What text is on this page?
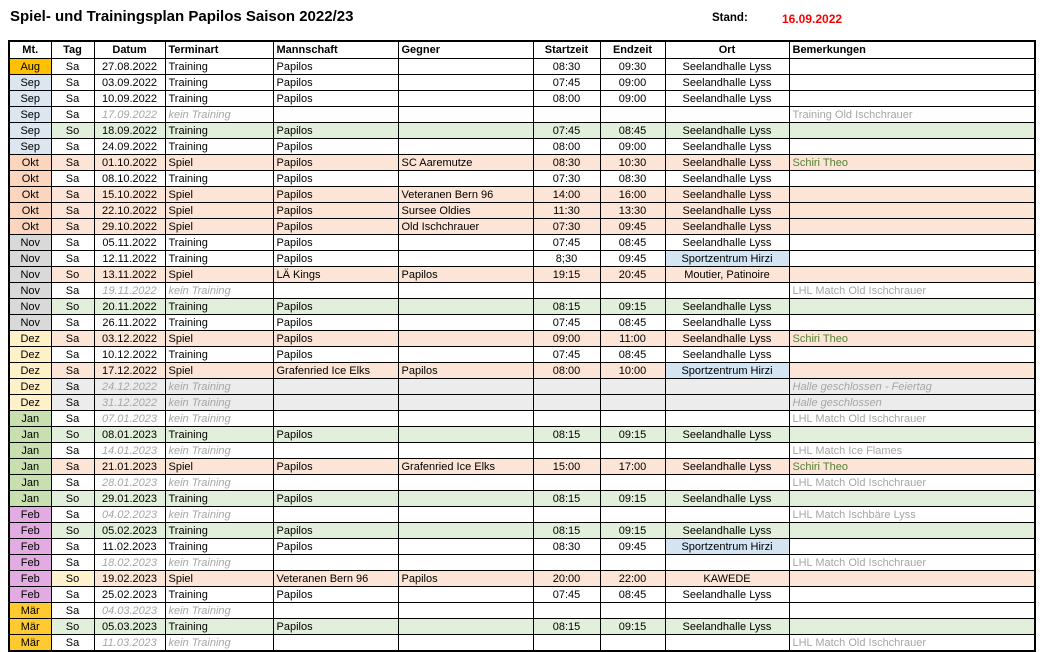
Spiel- und Trainingsplan Papilos Saison 2022/23	Stand:	16.09.2022
Mt.	Tag	Datum	Terminart	Mannschaft	Gegner	Startzeit	Endzeit	Ort	Bemerkungen
Aug	Sa	27.08.2022	Training	Papilos		08:30	09:30	Seelandhalle Lyss	
Sep	Sa	03.09.2022	Training	Papilos		07:45	09:00	Seelandhalle Lyss	
Sep	Sa	10.09.2022	Training	Papilos		08:00	09:00	Seelandhalle Lyss	
Sep	Sa	17.09.2022	kein Training						Training Old Ischchrauer
Sep	So	18.09.2022	Training	Papilos		07:45	08:45	Seelandhalle Lyss	
Sep	Sa	24.09.2022	Training	Papilos		08:00	09:00	Seelandhalle Lyss	
Okt	Sa	01.10.2022	Spiel	Papilos	SC Aaremutze	08:30	10:30	Seelandhalle Lyss	Schiri Theo
Okt	Sa	08.10.2022	Training	Papilos		07:30	08:30	Seelandhalle Lyss	
Okt	Sa	15.10.2022	Spiel	Papilos	Veteranen Bern 96	14:00	16:00	Seelandhalle Lyss	
Okt	Sa	22.10.2022	Spiel	Papilos	Sursee Oldies	11:30	13:30	Seelandhalle Lyss	
Okt	Sa	29.10.2022	Spiel	Papilos	Old Ischchrauer	07:30	09:45	Seelandhalle Lyss	
Nov	Sa	05.11.2022	Training	Papilos		07:45	08:45	Seelandhalle Lyss	
Nov	Sa	12.11.2022	Training	Papilos		8;30	09:45	Sportzentrum Hirzi	
Nov	So	13.11.2022	Spiel	LÄ Kings	Papilos	19:15	20:45	Moutier, Patinoire	
Nov	Sa	19.11.2022	kein Training						LHL Match Old Ischchrauer
Nov	So	20.11.2022	Training	Papilos		08:15	09:15	Seelandhalle Lyss	
Nov	Sa	26.11.2022	Training	Papilos		07:45	08:45	Seelandhalle Lyss	
Dez	Sa	03.12.2022	Spiel	Papilos		09:00	11:00	Seelandhalle Lyss	Schiri Theo
Dez	Sa	10.12.2022	Training	Papilos		07:45	08:45	Seelandhalle Lyss	
Dez	Sa	17.12.2022	Spiel	Grafenried Ice Elks	Papilos	08:00	10:00	Sportzentrum Hirzi	
Dez	Sa	24.12.2022	kein Training						Halle geschlossen - Feiertag
Dez	Sa	31.12.2022	kein Training						Halle geschlossen
Jan	Sa	07.01.2023	kein Training						LHL Match Old Ischchrauer
Jan	So	08.01.2023	Training	Papilos		08:15	09:15	Seelandhalle Lyss	
Jan	Sa	14.01.2023	kein Training						LHL Match Ice Flames
Jan	Sa	21.01.2023	Spiel	Papilos	Grafenried Ice Elks	15:00	17:00	Seelandhalle Lyss	Schiri Theo
Jan	Sa	28.01.2023	kein Training						LHL Match Old Ischchrauer
Jan	So	29.01.2023	Training	Papilos		08:15	09:15	Seelandhalle Lyss	
Feb	Sa	04.02.2023	kein Training						LHL Match Ischbäre Lyss
Feb	So	05.02.2023	Training	Papilos		08:15	09:15	Seelandhalle Lyss	
Feb	Sa	11.02.2023	Training	Papilos		08:30	09:45	Sportzentrum Hirzi	
Feb	Sa	18.02.2023	kein Training						LHL Match Old Ischchrauer
Feb	So	19.02.2023	Spiel	Veteranen Bern 96	Papilos	20:00	22:00	KAWEDE	
Feb	Sa	25.02.2023	Training	Papilos		07:45	08:45	Seelandhalle Lyss	
Mär	Sa	04.03.2023	kein Training						
Mär	So	05.03.2023	Training	Papilos		08:15	09:15	Seelandhalle Lyss	
Mär	Sa	11.03.2023	kein Training						LHL Match Old Ischchrauer
